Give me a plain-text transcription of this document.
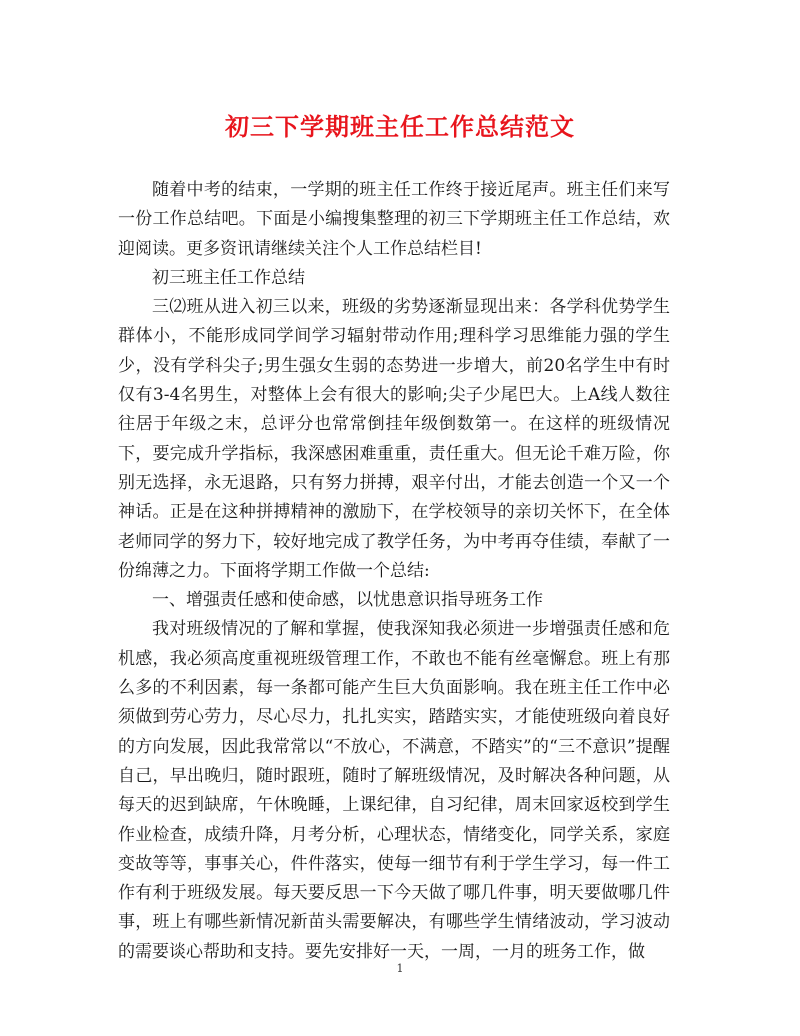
初三下学期班主任工作总结范文

随着中考的结束，一学期的班主任工作终于接近尾声。班主任们来写一份工作总结吧。下面是小编搜集整理的初三下学期班主任工作总结，欢迎阅读。更多资讯请继续关注个人工作总结栏目!

初三班主任工作总结

三⑵班从进入初三以来，班级的劣势逐渐显现出来：各学科优势学生群体小，不能形成同学间学习辐射带动作用;理科学习思维能力强的学生少，没有学科尖子;男生强女生弱的态势进一步增大，前20名学生中有时仅有3-4名男生，对整体上会有很大的影响;尖子少尾巴大。上A线人数往往居于年级之末，总评分也常常倒挂年级倒数第一。在这样的班级情况下，要完成升学指标，我深感困难重重，责任重大。但无论千难万险，你别无选择，永无退路，只有努力拼搏，艰辛付出，才能去创造一个又一个神话。正是在这种拼搏精神的激励下，在学校领导的亲切关怀下，在全体老师同学的努力下，较好地完成了教学任务，为中考再夺佳绩，奉献了一份绵薄之力。下面将学期工作做一个总结:

一、增强责任感和使命感，以忧患意识指导班务工作

我对班级情况的了解和掌握，使我深知我必须进一步增强责任感和危机感，我必须高度重视班级管理工作，不敢也不能有丝毫懈怠。班上有那么多的不利因素，每一条都可能产生巨大负面影响。我在班主任工作中必须做到劳心劳力，尽心尽力，扎扎实实，踏踏实实，才能使班级向着良好的方向发展，因此我常常以“不放心，不满意，不踏实”的“三不意识”提醒自己，早出晚归，随时跟班，随时了解班级情况，及时解决各种问题，从每天的迟到缺席，午休晚睡，上课纪律，自习纪律，周末回家返校到学生作业检查，成绩升降，月考分析，心理状态，情绪变化，同学关系，家庭变故等等，事事关心，件件落实，使每一细节有利于学生学习，每一件工作有利于班级发展。每天要反思一下今天做了哪几件事，明天要做哪几件事，班上有哪些新情况新苗头需要解决，有哪些学生情绪波动，学习波动的需要谈心帮助和支持。要先安排好一天，一周，一月的班务工作，做

1
